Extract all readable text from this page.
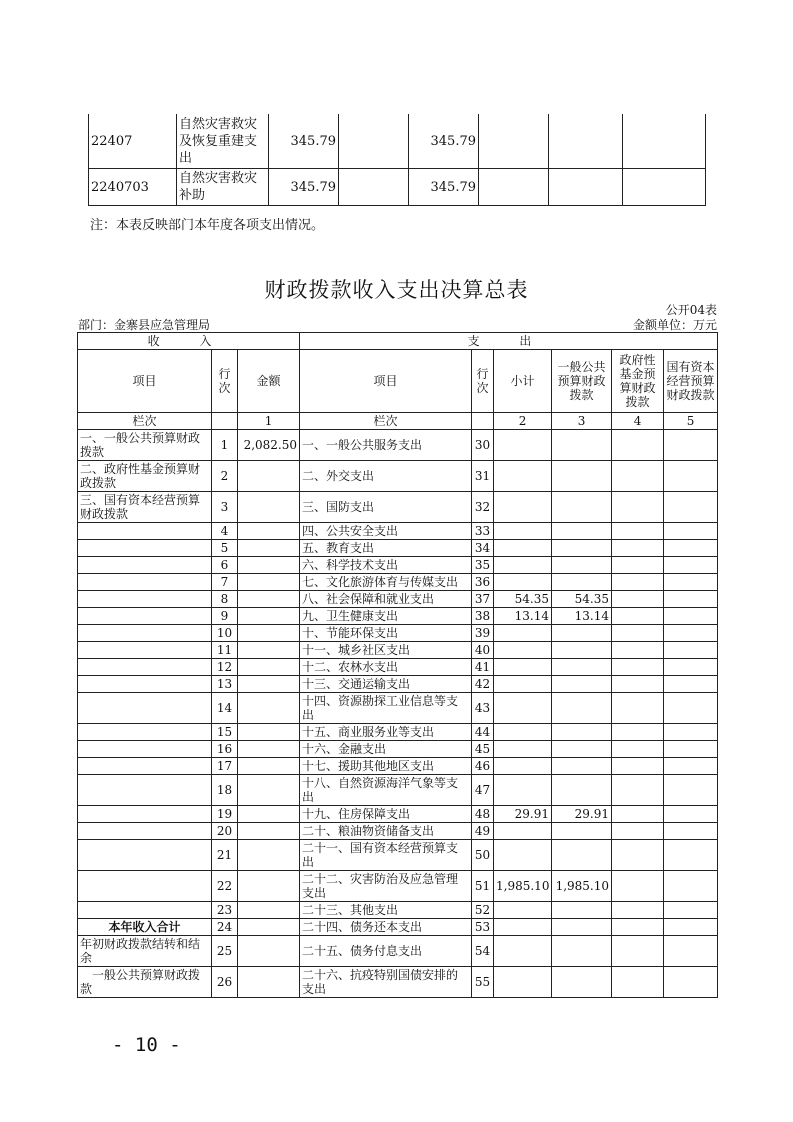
22407	自然灾害救灾及恢复重建支出	345.79		345.79			
2240703	自然灾害救灾补助	345.79		345.79			
注：本表反映部门本年度各项支出情况。
财政拨款收入支出决算总表
公开04表
部门：金寨县应急管理局	金额单位：万元
收 入			支 出					
项目	行次	金额	项目	行次	小计	一般公共预算财政拨款	政府性基金预算财政拨款	国有资本经营预算财政拨款
栏次		1	栏次		2	3	4	5
一、一般公共预算财政拨款	1	2,082.50	一、一般公共服务支出	30				
二、政府性基金预算财政拨款	2		二、外交支出	31				
三、国有资本经营预算财政拨款	3		三、国防支出	32				
	4		四、公共安全支出	33				
	5		五、教育支出	34				
	6		六、科学技术支出	35				
	7		七、文化旅游体育与传媒支出	36				
	8		八、社会保障和就业支出	37	54.35	54.35		
	9		九、卫生健康支出	38	13.14	13.14		
	10		十、节能环保支出	39				
	11		十一、城乡社区支出	40				
	12		十二、农林水支出	41				
	13		十三、交通运输支出	42				
	14		十四、资源勘探工业信息等支出	43				
	15		十五、商业服务业等支出	44				
	16		十六、金融支出	45				
	17		十七、援助其他地区支出	46				
	18		十八、自然资源海洋气象等支出	47				
	19		十九、住房保障支出	48	29.91	29.91		
	20		二十、粮油物资储备支出	49				
	21		二十一、国有资本经营预算支出	50				
	22		二十二、灾害防治及应急管理支出	51	1,985.10	1,985.10		
	23		二十三、其他支出	52				
本年收入合计	24		二十四、债务还本支出	53				
年初财政拨款结转和结余	25		二十五、债务付息支出	54				
一般公共预算财政拨款	26		二十六、抗疫特别国债安排的支出	55				
- 10 -
